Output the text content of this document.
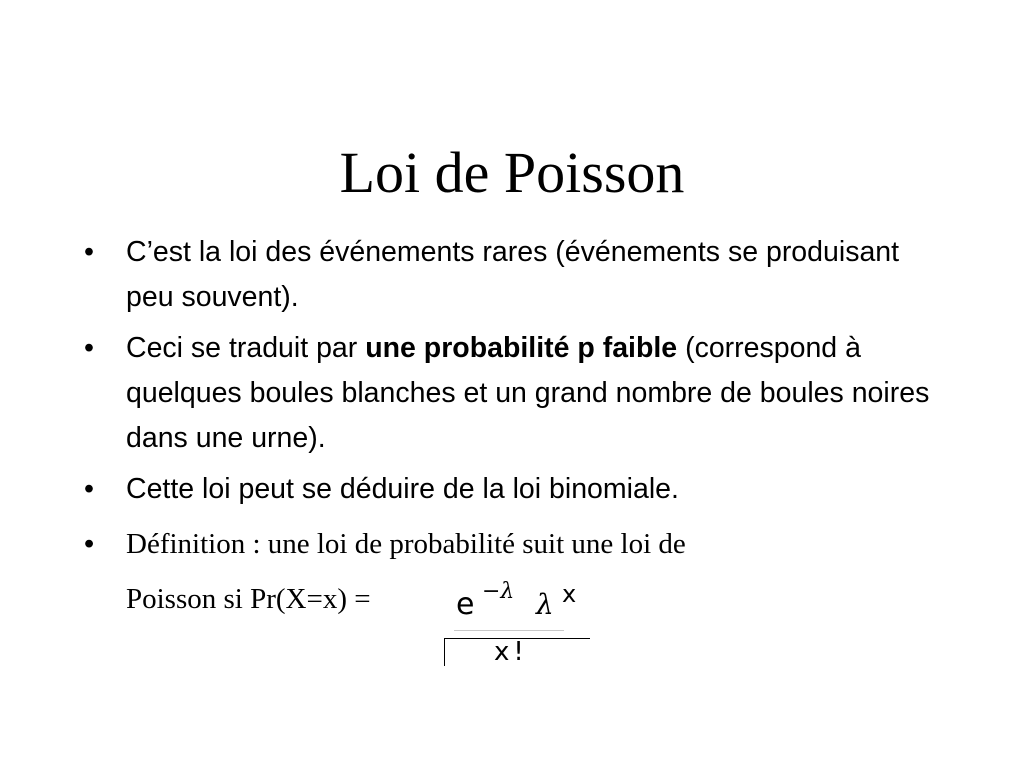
Loi de Poisson
• C’est la loi des événements rares (événements se produisant peu souvent).
• Ceci se traduit par une probabilité p faible (correspond à quelques boules blanches et un grand nombre de boules noires dans une urne).
• Cette loi peut se déduire de la loi binomiale.
• Définition : une loi de probabilité suit une loi de
Poisson si Pr(X=x) =	e −λ λ x
x!
